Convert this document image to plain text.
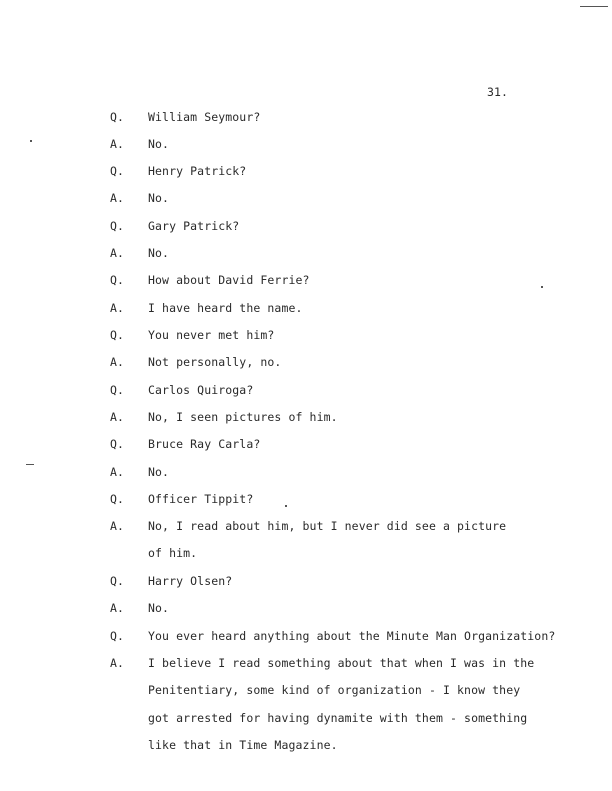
31.
Q. William Seymour?
A. No.
Q. Henry Patrick?
A. No.
Q. Gary Patrick?
A. No.
Q. How about David Ferrie?
A. I have heard the name.
Q. You never met him?
A. Not personally, no.
Q. Carlos Quiroga?
A. No, I seen pictures of him.
Q. Bruce Ray Carla?
A. No.
Q. Officer Tippit?
A. No, I read about him, but I never did see a picture
of him.
Q. Harry Olsen?
A. No.
Q. You ever heard anything about the Minute Man Organization?
A. I believe I read something about that when I was in the
Penitentiary, some kind of organization - I know they
got arrested for having dynamite with them - something
like that in Time Magazine.
